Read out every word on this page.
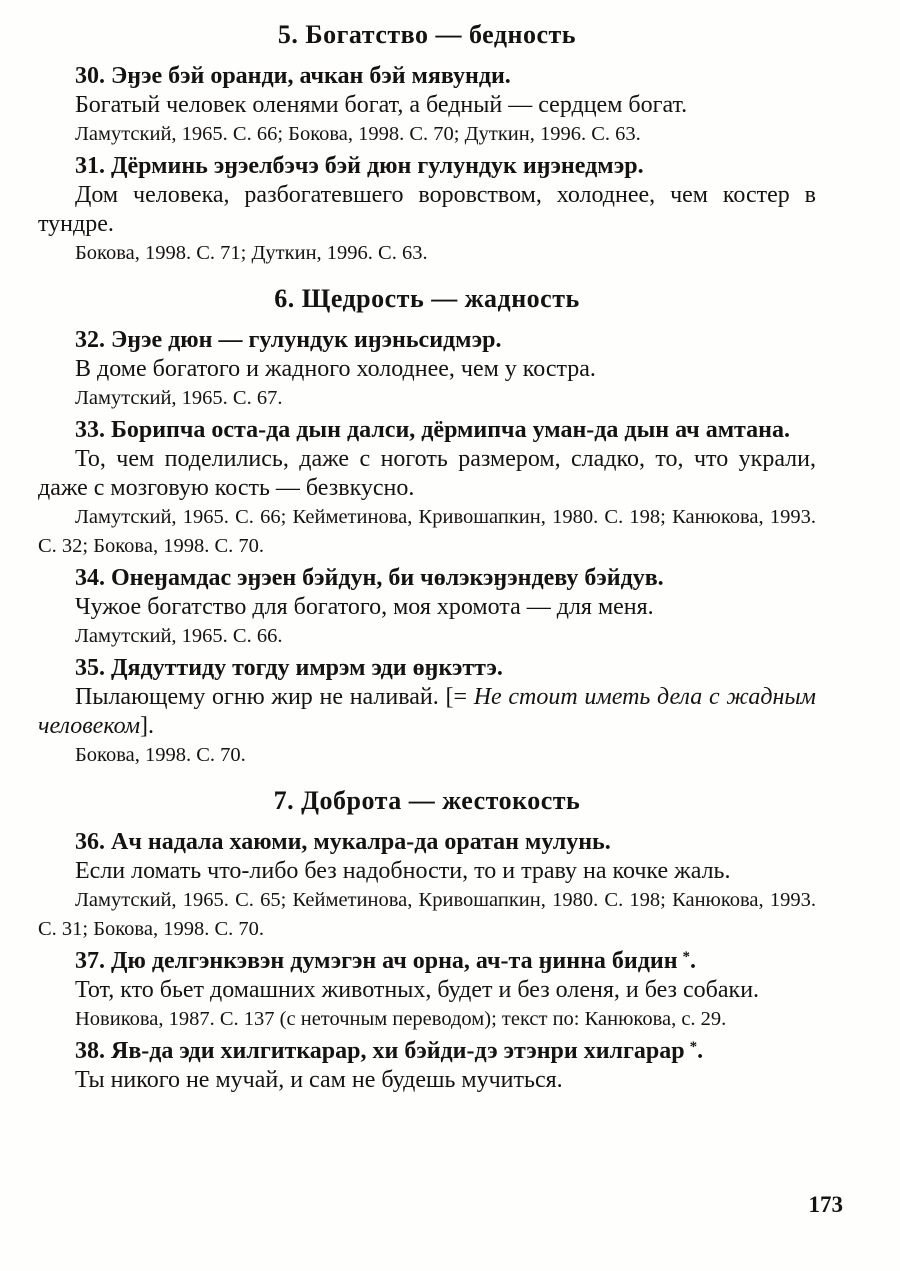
5. Богатство — бедность

30. Эӈэе бэй оранди, ачкан бэй мявунди.

Богатый человек оленями богат, а бедный — сердцем богат.

Ламутский, 1965. С. 66; Бокова, 1998. С. 70; Дуткин, 1996. С. 63.

31. Дёрминь эӈэелбэчэ бэй дюн гулундук иӈэнедмэр.

Дом человека, разбогатевшего воровством, холоднее, чем костер в тундре.

Бокова, 1998. С. 71; Дуткин, 1996. С. 63.

6. Щедрость — жадность

32. Эӈэе дюн — гулундук иӈэньсидмэр.

В доме богатого и жадного холоднее, чем у костра.

Ламутский, 1965. С. 67.

33. Борипча оста-да дын далси, дёрмипча уман-да дын ач амтана.

То, чем поделились, даже с ноготь размером, сладко, то, что украли, даже с мозговую кость — безвкусно.

Ламутский, 1965. С. 66; Кейметинова, Кривошапкин, 1980. С. 198; Канюкова, 1993. С. 32; Бокова, 1998. С. 70.

34. Онеӈамдас эӈэен бэйдун, би чөлэкэӈэндеву бэйдув.

Чужое богатство для богатого, моя хромота — для меня.

Ламутский, 1965. С. 66.

35. Дядуттиду тогду имрэм эди өӈкэттэ.

Пылающему огню жир не наливай. [= Не стоит иметь дела с жадным человеком].

Бокова, 1998. С. 70.

7. Доброта — жестокость

36. Ач надала хаюми, мукалра-да оратан мулунь.

Если ломать что-либо без надобности, то и траву на кочке жаль.

Ламутский, 1965. С. 65; Кейметинова, Кривошапкин, 1980. С. 198; Канюкова, 1993. С. 31; Бокова, 1998. С. 70.

37. Дю делгэнкэвэн думэгэн ач орна, ач-та ӈинна бидин *.

Тот, кто бьет домашних животных, будет и без оленя, и без собаки.

Новикова, 1987. С. 137 (с неточным переводом); текст по: Канюкова, с. 29.

38. Яв-да эди хилгиткарар, хи бэйди-дэ этэнри хилгарар *.

Ты никого не мучай, и сам не будешь мучиться.

173
